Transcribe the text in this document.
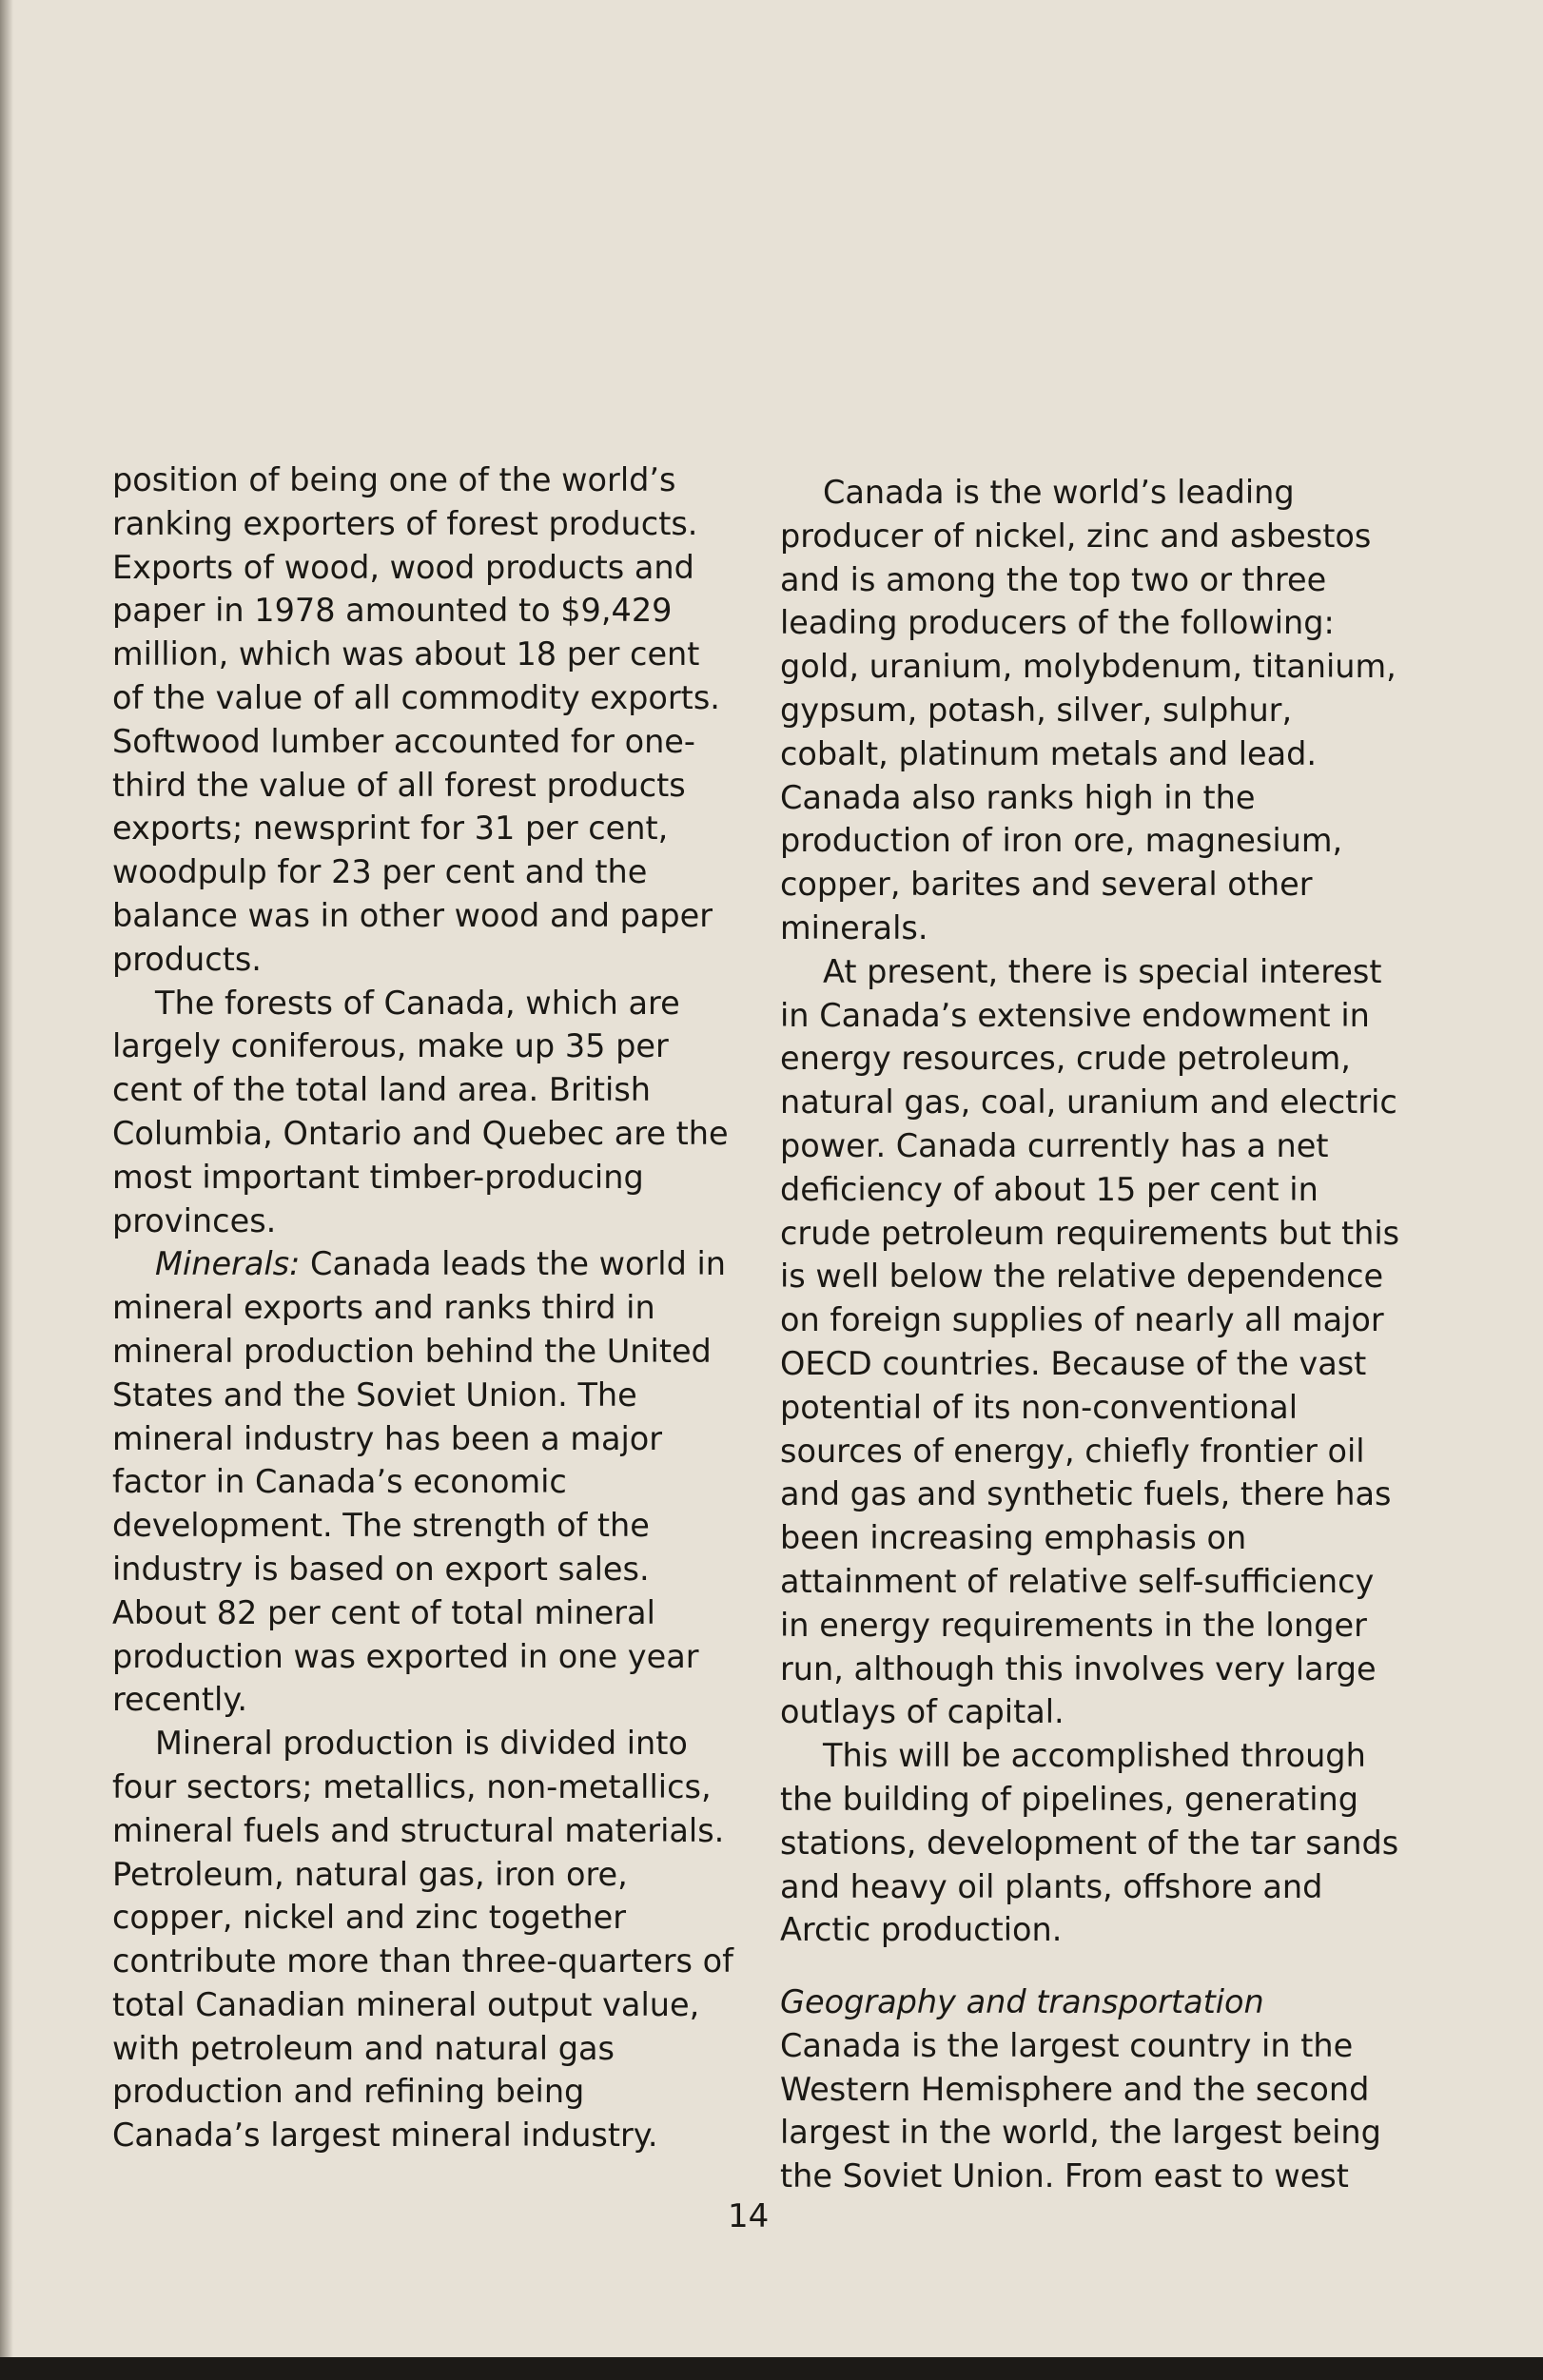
position of being one of the world’s ranking exporters of forest products. Exports of wood, wood products and paper in 1978 amounted to $9,429 million, which was about 18 per cent of the value of all commodity exports. Softwood lumber accounted for one-third the value of all forest products exports; newsprint for 31 per cent, woodpulp for 23 per cent and the balance was in other wood and paper products.

The forests of Canada, which are largely coniferous, make up 35 per cent of the total land area. British Columbia, Ontario and Quebec are the most important timber-producing provinces.

Minerals: Canada leads the world in mineral exports and ranks third in mineral production behind the United States and the Soviet Union. The mineral industry has been a major factor in Canada’s economic development. The strength of the industry is based on export sales. About 82 per cent of total mineral production was exported in one year recently.

Mineral production is divided into four sectors; metallics, non-metallics, mineral fuels and structural materials. Petroleum, natural gas, iron ore, copper, nickel and zinc together contribute more than three-quarters of total Canadian mineral output value, with petroleum and natural gas production and refining being Canada’s largest mineral industry.

Canada is the world’s leading producer of nickel, zinc and asbestos and is among the top two or three leading producers of the following: gold, uranium, molybdenum, titanium, gypsum, potash, silver, sulphur, cobalt, platinum metals and lead. Canada also ranks high in the production of iron ore, magnesium, copper, barites and several other minerals.

At present, there is special interest in Canada’s extensive endowment in energy resources, crude petroleum, natural gas, coal, uranium and electric power. Canada currently has a net deficiency of about 15 per cent in crude petroleum requirements but this is well below the relative dependence on foreign supplies of nearly all major OECD countries. Because of the vast potential of its non-conventional sources of energy, chiefly frontier oil and gas and synthetic fuels, there has been increasing emphasis on attainment of relative self-sufficiency in energy requirements in the longer run, although this involves very large outlays of capital.

This will be accomplished through the building of pipelines, generating stations, development of the tar sands and heavy oil plants, offshore and Arctic production.

Geography and transportation

Canada is the largest country in the Western Hemisphere and the second largest in the world, the largest being the Soviet Union. From east to west

14
